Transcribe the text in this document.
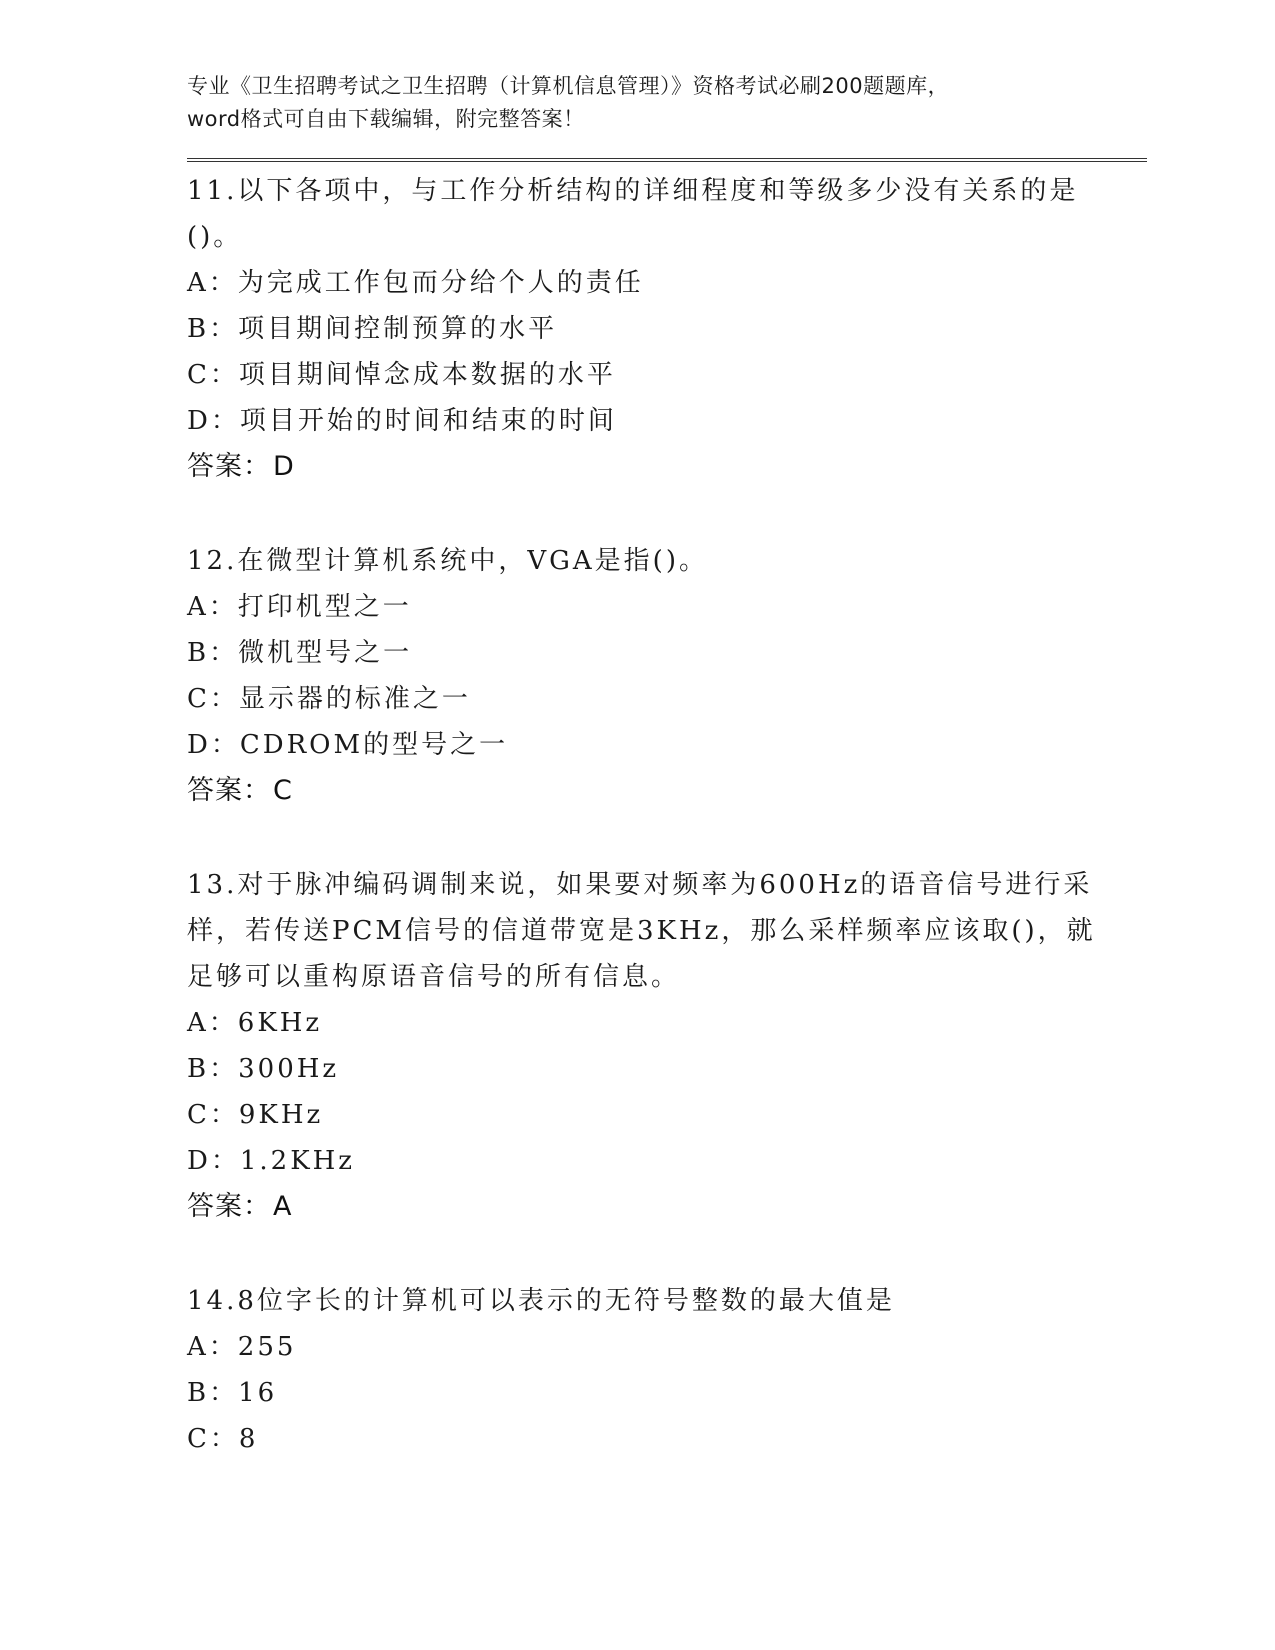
专业《卫生招聘考试之卫生招聘（计算机信息管理）》资格考试必刷200题题库，
word格式可自由下载编辑，附完整答案！
11.以下各项中，与工作分析结构的详细程度和等级多少没有关系的是
()。
A：为完成工作包而分给个人的责任
B：项目期间控制预算的水平
C：项目期间悼念成本数据的水平
D：项目开始的时间和结束的时间
答案：D
12.在微型计算机系统中，VGA是指()。
A：打印机型之一
B：微机型号之一
C：显示器的标准之一
D：CDROM的型号之一
答案：C
13.对于脉冲编码调制来说，如果要对频率为600Hz的语音信号进行采
样，若传送PCM信号的信道带宽是3KHz，那么采样频率应该取()，就
足够可以重构原语音信号的所有信息。
A：6KHz
B：300Hz
C：9KHz
D：1.2KHz
答案：A
14.8位字长的计算机可以表示的无符号整数的最大值是
A：255
B：16
C：8
